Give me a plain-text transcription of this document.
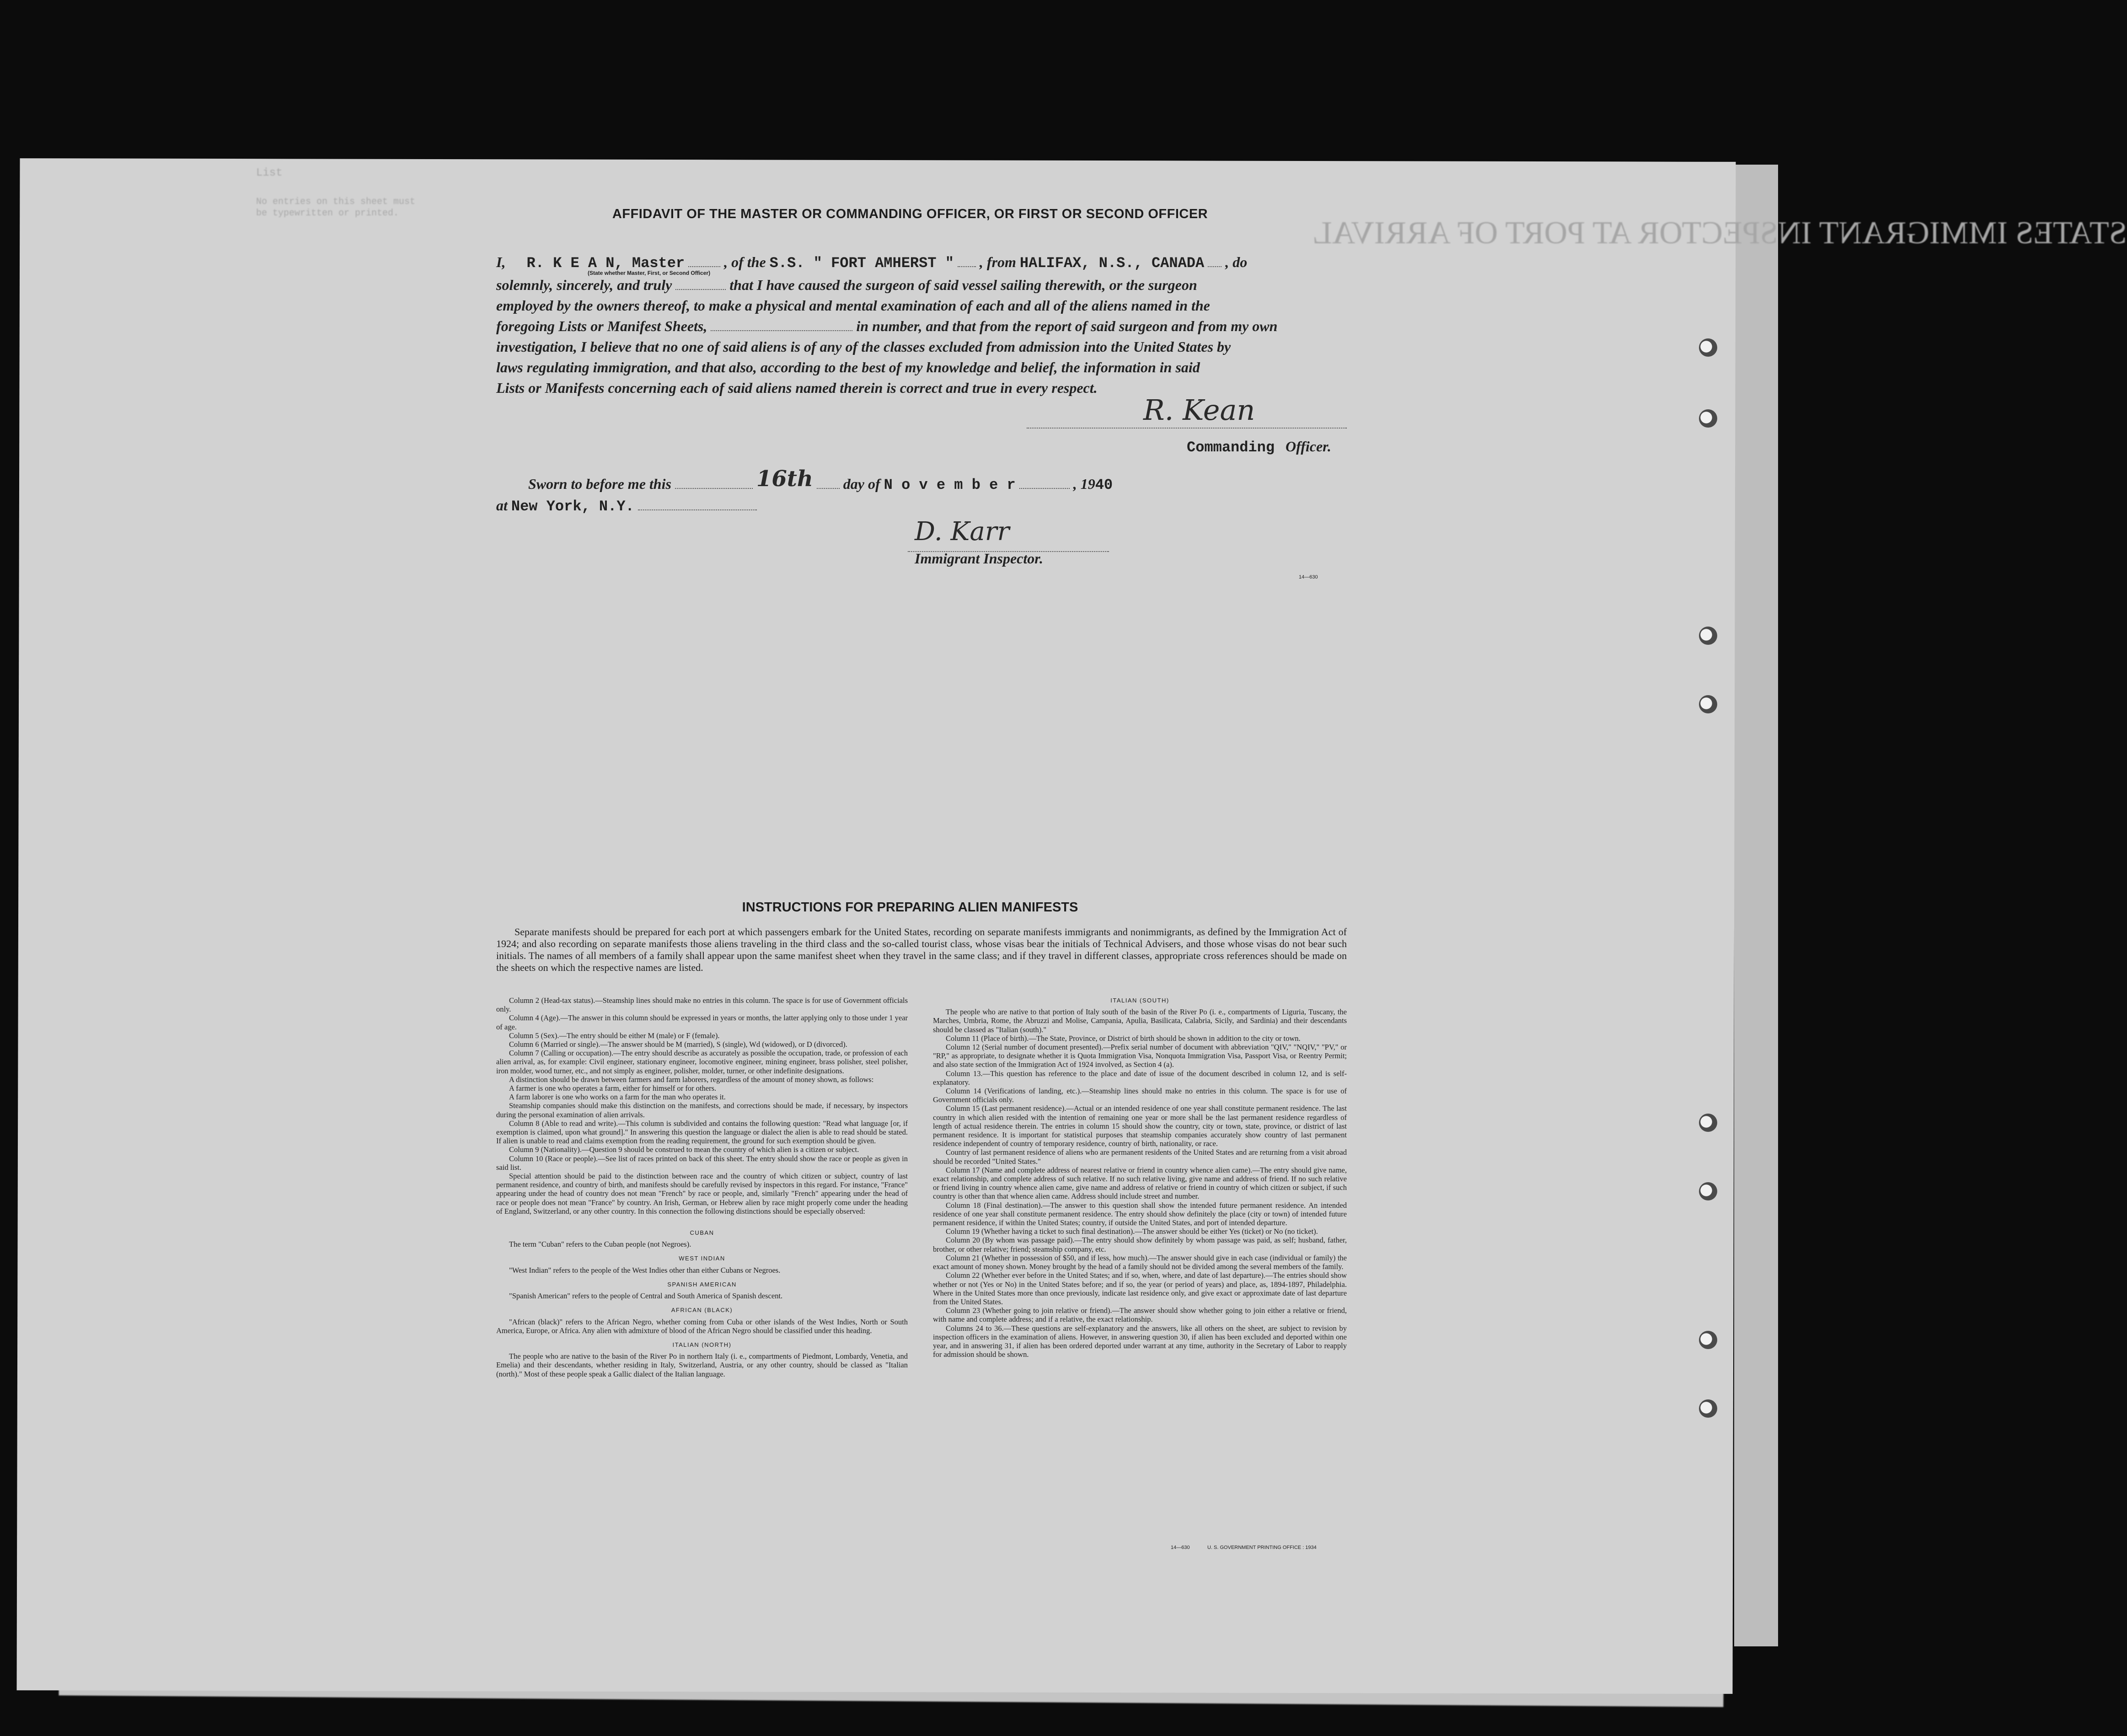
STATES IMMIGRANT INSPECTOR AT PORT OF ARRIVAL
List
No entries on this sheet must
be typewritten or printed.	AFFIDAVIT OF THE MASTER OR COMMANDING OFFICER, OR FIRST OR SECOND OFFICER
I, R. K E A N, Master	, of the S.S. " FORT AMHERST " , from HALIFAX, N.S., CANADA , do
(State whether Master, First, or Second Officer)
solemnly, sincerely, and truly	that I have caused the surgeon of said vessel sailing therewith, or the surgeon
employed by the owners thereof, to make a physical and mental examination of each and all of the aliens named in the
foregoing Lists or Manifest Sheets,	in number, and that from the report of said surgeon and from my own
investigation, I believe that no one of said aliens is of any of the classes excluded from admission into the United States by
laws regulating immigration, and that also, according to the best of my knowledge and belief, the information in said
Lists or Manifests concerning each of said aliens named therein is correct and true in every respect.
R. Kean
Commanding Officer.
Sworn to before me this	16th day of N o v e m b e r	, 1940
at New York, N.Y.
D. Karr
Immigrant Inspector.
14—630
INSTRUCTIONS FOR PREPARING ALIEN MANIFESTS
Separate manifests should be prepared for each port at which passengers embark for the United States, recording on separate manifests immigrants and nonimmigrants, as defined by the Immigration Act of 1924; and also recording on separate manifests those aliens traveling in the third class and the so-called tourist class, whose visas bear the initials of Technical Advisers, and those whose visas do not bear such initials. The names of all members of a family shall appear upon the same manifest sheet when they travel in the same class; and if they travel in different classes, appropriate cross references should be made on the sheets on which the respective names are listed.

Column 2 (Head-tax status).—Steamship lines should make no entries in this column. The space is for use of Government officials only.

Column 4 (Age).—The answer in this column should be expressed in years or months, the latter applying only to those under 1 year of age.

Column 5 (Sex).—The entry should be either M (male) or F (female).

Column 6 (Married or single).—The answer should be M (married), S (single), Wd (widowed), or D (divorced).

Column 7 (Calling or occupation).—The entry should describe as accurately as possible the occupation, trade, or profession of each alien arrival, as, for example: Civil engineer, stationary engineer, locomotive engineer, mining engineer, brass polisher, steel polisher, iron molder, wood turner, etc., and not simply as engineer, polisher, molder, turner, or other indefinite designations.

A distinction should be drawn between farmers and farm laborers, regardless of the amount of money shown, as follows:

A farmer is one who operates a farm, either for himself or for others.

A farm laborer is one who works on a farm for the man who operates it.

Steamship companies should make this distinction on the manifests, and corrections should be made, if necessary, by inspectors during the personal examination of alien arrivals.

Column 8 (Able to read and write).—This column is subdivided and contains the following question: "Read what language [or, if exemption is claimed, upon what ground]." In answering this question the language or dialect the alien is able to read should be stated. If alien is unable to read and claims exemption from the reading requirement, the ground for such exemption should be given.

Column 9 (Nationality).—Question 9 should be construed to mean the country of which alien is a citizen or subject.

Column 10 (Race or people).—See list of races printed on back of this sheet. The entry should show the race or people as given in said list.

Special attention should be paid to the distinction between race and the country of which citizen or subject, country of last permanent residence, and country of birth, and manifests should be carefully revised by inspectors in this regard. For instance, "France" appearing under the head of country does not mean "French" by race or people, and, similarly "French" appearing under the head of race or people does not mean "France" by country. An Irish, German, or Hebrew alien by race might properly come under the heading of England, Switzerland, or any other country. In this connection the following distinctions should be especially observed:

CUBAN

The term "Cuban" refers to the Cuban people (not Negroes).

WEST INDIAN

"West Indian" refers to the people of the West Indies other than either Cubans or Negroes.

SPANISH AMERICAN

"Spanish American" refers to the people of Central and South America of Spanish descent.

AFRICAN (BLACK)

"African (black)" refers to the African Negro, whether coming from Cuba or other islands of the West Indies, North or South America, Europe, or Africa. Any alien with admixture of blood of the African Negro should be classified under this heading.

ITALIAN (NORTH)

The people who are native to the basin of the River Po in northern Italy (i. e., compartments of Piedmont, Lombardy, Venetia, and Emelia) and their descendants, whether residing in Italy, Switzerland, Austria, or any other country, should be classed as "Italian (north)." Most of these people speak a Gallic dialect of the Italian language.

ITALIAN (SOUTH)

The people who are native to that portion of Italy south of the basin of the River Po (i. e., compartments of Liguria, Tuscany, the Marches, Umbria, Rome, the Abruzzi and Molise, Campania, Apulia, Basilicata, Calabria, Sicily, and Sardinia) and their descendants should be classed as "Italian (south)."

Column 11 (Place of birth).—The State, Province, or District of birth should be shown in addition to the city or town.

Column 12 (Serial number of document presented).—Prefix serial number of document with abbreviation "QIV," "NQIV," "PV," or "RP," as appropriate, to designate whether it is Quota Immigration Visa, Nonquota Immigration Visa, Passport Visa, or Reentry Permit; and also state section of the Immigration Act of 1924 involved, as Section 4 (a).

Column 13.—This question has reference to the place and date of issue of the document described in column 12, and is self-explanatory.

Column 14 (Verifications of landing, etc.).—Steamship lines should make no entries in this column. The space is for use of Government officials only.

Column 15 (Last permanent residence).—Actual or an intended residence of one year shall constitute permanent residence. The last country in which alien resided with the intention of remaining one year or more shall be the last permanent residence regardless of length of actual residence therein. The entries in column 15 should show the country, city or town, state, province, or district of last permanent residence. It is important for statistical purposes that steamship companies accurately show country of last permanent residence independent of country of temporary residence, country of birth, nationality, or race.

Country of last permanent residence of aliens who are permanent residents of the United States and are returning from a visit abroad should be recorded "United States."

Column 17 (Name and complete address of nearest relative or friend in country whence alien came).—The entry should give name, exact relationship, and complete address of such relative. If no such relative living, give name and address of friend. If no such relative or friend living in country whence alien came, give name and address of relative or friend in country of which citizen or subject, if such country is other than that whence alien came. Address should include street and number.

Column 18 (Final destination).—The answer to this question shall show the intended future permanent residence. An intended residence of one year shall constitute permanent residence. The entry should show definitely the place (city or town) of intended future permanent residence, if within the United States; country, if outside the United States, and port of intended departure.

Column 19 (Whether having a ticket to such final destination).—The answer should be either Yes (ticket) or No (no ticket).

Column 20 (By whom was passage paid).—The entry should show definitely by whom passage was paid, as self; husband, father, brother, or other relative; friend; steamship company, etc.

Column 21 (Whether in possession of $50, and if less, how much).—The answer should give in each case (individual or family) the exact amount of money shown. Money brought by the head of a family should not be divided among the several members of the family.

Column 22 (Whether ever before in the United States; and if so, when, where, and date of last departure).—The entries should show whether or not (Yes or No) in the United States before; and if so, the year (or period of years) and place, as, 1894-1897, Philadelphia. Where in the United States more than once previously, indicate last residence only, and give exact or approximate date of last departure from the United States.

Column 23 (Whether going to join relative or friend).—The answer should show whether going to join either a relative or friend, with name and complete address; and if a relative, the exact relationship.

Columns 24 to 36.—These questions are self-explanatory and the answers, like all others on the sheet, are subject to revision by inspection officers in the examination of aliens. However, in answering question 30, if alien has been excluded and deported within one year, and in answering 31, if alien has been ordered deported under warrant at any time, authority in the Secretary of Labor to reapply for admission should be shown.

14—630	U. S. GOVERNMENT PRINTING OFFICE : 1934
